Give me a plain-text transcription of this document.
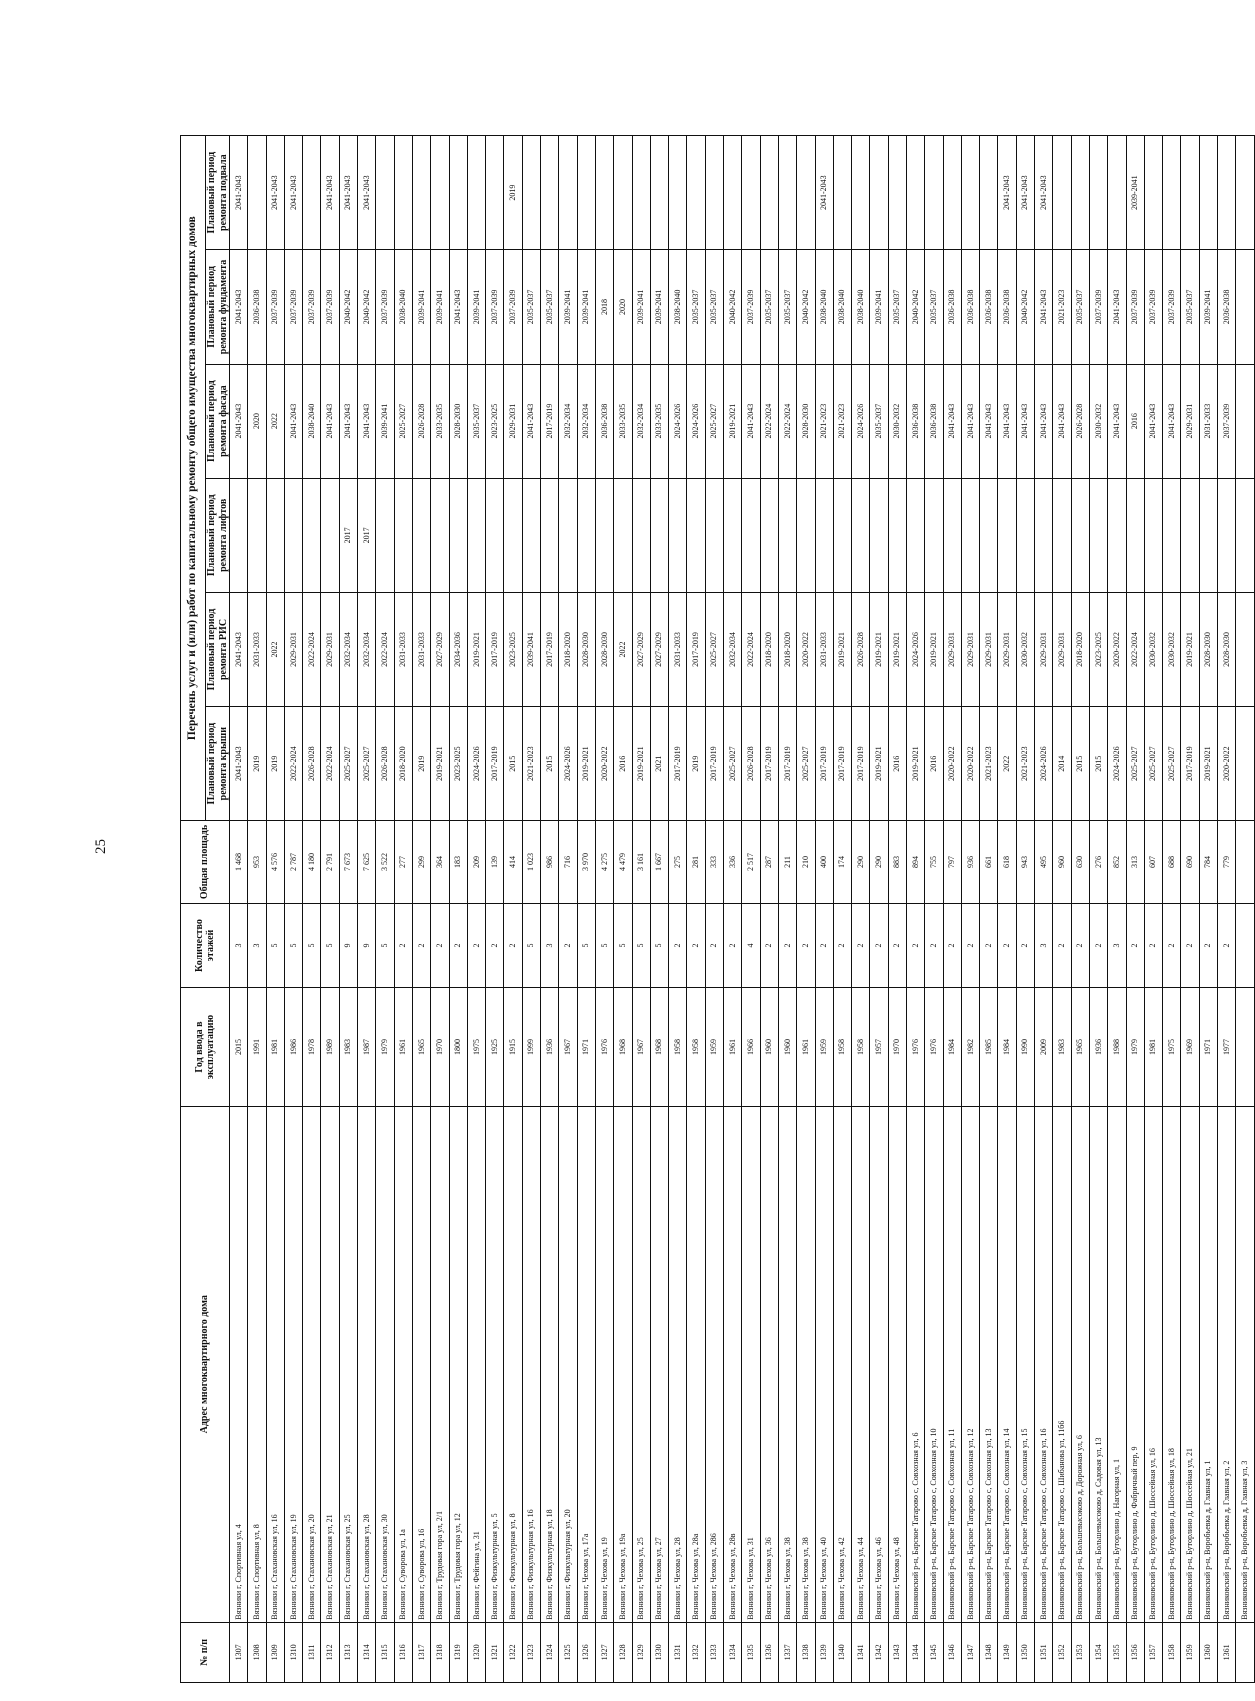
25
№ п/п	Адрес многоквартирного дома	Год ввода в эксплуатацию	Количество этажей	Общая площадь	Перечень услуг и (или) работ по капитальному ремонту общего имущества многоквартирных домов					
					Плановый период ремонта крыши	Плановый период ремонта РИС	Плановый период ремонта лифтов	Плановый период ремонта фасада	Плановый период ремонта фундамента	Плановый период ремонта подвала
1307	Вязники г, Спортивная ул, 4	2015	3	1 468	2041-2043	2041-2043		2041-2043	2041-2043	2041-2043
1308	Вязники г, Спортивная ул, 8	1991	3	953	2019	2031-2033		2020	2036-2038	
1309	Вязники г, Стахановская ул, 16	1981	5	4 576	2019	2022		2022	2037-2039	2041-2043
1310	Вязники г, Стахановская ул, 19	1986	5	2 787	2022-2024	2029-2031		2041-2043	2037-2039	2041-2043
1311	Вязники г, Стахановская ул, 20	1978	5	4 180	2026-2028	2022-2024		2038-2040	2037-2039	
1312	Вязники г, Стахановская ул, 21	1989	5	2 791	2022-2024	2029-2031		2041-2043	2037-2039	2041-2043
1313	Вязники г, Стахановская ул, 25	1983	9	7 673	2025-2027	2032-2034	2017	2041-2043	2040-2042	2041-2043
1314	Вязники г, Стахановская ул, 28	1987	9	7 625	2025-2027	2032-2034	2017	2041-2043	2040-2042	2041-2043
1315	Вязники г, Стахановская ул, 30	1979	5	3 522	2026-2028	2022-2024		2039-2041	2037-2039	
1316	Вязники г, Суворова ул, 1а	1961	2	277	2018-2020	2031-2033		2025-2027	2038-2040	
1317	Вязники г, Суворова ул, 16	1965	2	299	2019	2031-2033		2026-2028	2039-2041	
1318	Вязники г, Трудовая гора ул, 2/1	1970	2	364	2019-2021	2027-2029		2033-2035	2039-2041	
1319	Вязники г, Трудовая гора ул, 12	1800	2	183	2023-2025	2034-2036		2028-2030	2041-2043	
1320	Вязники г, Фейгина ул, 31	1975	2	209	2024-2026	2019-2021		2035-2037	2039-2041	
1321	Вязники г, Физкультурная ул, 5	1925	2	139	2017-2019	2017-2019		2023-2025	2037-2039	
1322	Вязники г, Физкультурная ул, 8	1915	2	414	2015	2023-2025		2029-2031	2037-2039	2019
1323	Вязники г, Физкультурная ул, 16	1999	5	1 023	2021-2023	2039-2041		2041-2043	2035-2037	
1324	Вязники г, Физкультурная ул, 18	1936	3	986	2015	2017-2019		2017-2019	2035-2037	
1325	Вязники г, Физкультурная ул, 20	1967	2	716	2024-2026	2018-2020		2032-2034	2039-2041	
1326	Вязники г, Чехова ул, 17а	1971	5	3 970	2019-2021	2028-2030		2032-2034	2039-2041	
1327	Вязники г, Чехова ул, 19	1976	5	4 275	2020-2022	2028-2030		2036-2038	2018	
1328	Вязники г, Чехова ул, 19а	1968	5	4 479	2016	2022		2033-2035	2020	
1329	Вязники г, Чехова ул, 25	1967	5	3 161	2019-2021	2027-2029		2032-2034	2039-2041	
1330	Вязники г, Чехова ул, 27	1968	5	1 667	2021	2027-2029		2033-2035	2039-2041	
1331	Вязники г, Чехова ул, 28	1958	2	275	2017-2019	2031-2033		2024-2026	2038-2040	
1332	Вязники г, Чехова ул, 28а	1958	2	281	2019	2017-2019		2024-2026	2035-2037	
1333	Вязники г, Чехова ул, 286	1959	2	333	2017-2019	2025-2027		2025-2027	2035-2037	
1334	Вязники г, Чехова ул, 28в	1961	2	336	2025-2027	2032-2034		2019-2021	2040-2042	
1335	Вязники г, Чехова ул, 31	1966	4	2 517	2026-2028	2022-2024		2041-2043	2037-2039	
1336	Вязники г, Чехова ул, 36	1960	2	287	2017-2019	2018-2020		2022-2024	2035-2037	
1337	Вязники г, Чехова ул, 38	1960	2	211	2017-2019	2018-2020		2022-2024	2035-2037	
1338	Вязники г, Чехова ул, 38	1961	2	210	2025-2027	2020-2022		2028-2030	2040-2042	
1339	Вязники г, Чехова ул, 40	1959	2	400	2017-2019	2031-2033		2021-2023	2038-2040	2041-2043
1340	Вязники г, Чехова ул, 42	1958	2	174	2017-2019	2019-2021		2021-2023	2038-2040	
1341	Вязники г, Чехова ул, 44	1958	2	290	2017-2019	2026-2028		2024-2026	2038-2040	
1342	Вязники г, Чехова ул, 46	1957	2	290	2019-2021	2019-2021		2035-2037	2039-2041	
1343	Вязники г, Чехова ул, 48	1970	2	883	2016	2019-2021		2030-2032	2035-2037	
1344	Вязниковский р-н, Барское Татарово с, Совхозная ул, 6	1976	2	894	2019-2021	2024-2026		2036-2038	2040-2042	
1345	Вязниковский р-н, Барское Татарово с, Совхозная ул, 10	1976	2	755	2016	2019-2021		2036-2038	2035-2037	
1346	Вязниковский р-н, Барское Татарово с, Совхозная ул, 11	1984	2	797	2020-2022	2029-2031		2041-2043	2036-2038	
1347	Вязниковский р-н, Барское Татарово с, Совхозная ул, 12	1982	2	936	2020-2022	2029-2031		2041-2043	2036-2038	
1348	Вязниковский р-н, Барское Татарово с, Совхозная ул, 13	1985	2	661	2021-2023	2029-2031		2041-2043	2036-2038	
1349	Вязниковский р-н, Барское Татарово с, Совхозная ул, 14	1984	2	618	2022	2029-2031		2041-2043	2036-2038	2041-2043
1350	Вязниковский р-н, Барское Татарово с, Совхозная ул, 15	1990	2	943	2021-2023	2030-2032		2041-2043	2040-2042	2041-2043
1351	Вязниковский р-н, Барское Татарово с, Совхозная ул, 16	2009	3	495	2024-2026	2029-2031		2041-2043	2041-2043	2041-2043
1352	Вязниковский р-н, Барское Татарово с, Шибанова ул, 11б6	1983	2	960	2014	2029-2031		2041-2043	2021-2023	
1353	Вязниковский р-н, Большевысоково д, Дорожная ул, 6	1965	2	630	2015	2018-2020		2026-2028	2035-2037	
1354	Вязниковский р-н, Большевысоково д, Садовая ул, 13	1936	2	276	2015	2023-2025		2030-2032	2037-2039	
1355	Вязниковский р-н, Буторлино д, Нагорная ул, 1	1988	3	852	2024-2026	2020-2022		2041-2043	2041-2043	
1356	Вязниковский р-н, Буторлино д, Фабричный пер, 9	1979	2	313	2025-2027	2022-2024		2016	2037-2039	2039-2041
1357	Вязниковский р-н, Буторлино д, Шоссейная ул, 16	1981	2	607	2025-2027	2030-2032		2041-2043	2037-2039	
1358	Вязниковский р-н, Буторлино д, Шоссейная ул, 18	1975	2	688	2025-2027	2030-2032		2041-2043	2037-2039	
1359	Вязниковский р-н, Буторлино д, Шоссейная ул, 21	1969	2	690	2017-2019	2019-2021		2029-2031	2035-2037	
1360	Вязниковский р-н, Воробьевка д, Главная ул, 1	1971	2	784	2019-2021	2028-2030		2031-2033	2039-2041	
1361	Вязниковский р-н, Воробьевка д, Главная ул, 2	1977	2	779	2020-2022	2028-2030		2037-2039	2036-2038	
	Вязниковский р-н, Воробьевка д, Главная ул, 3									
